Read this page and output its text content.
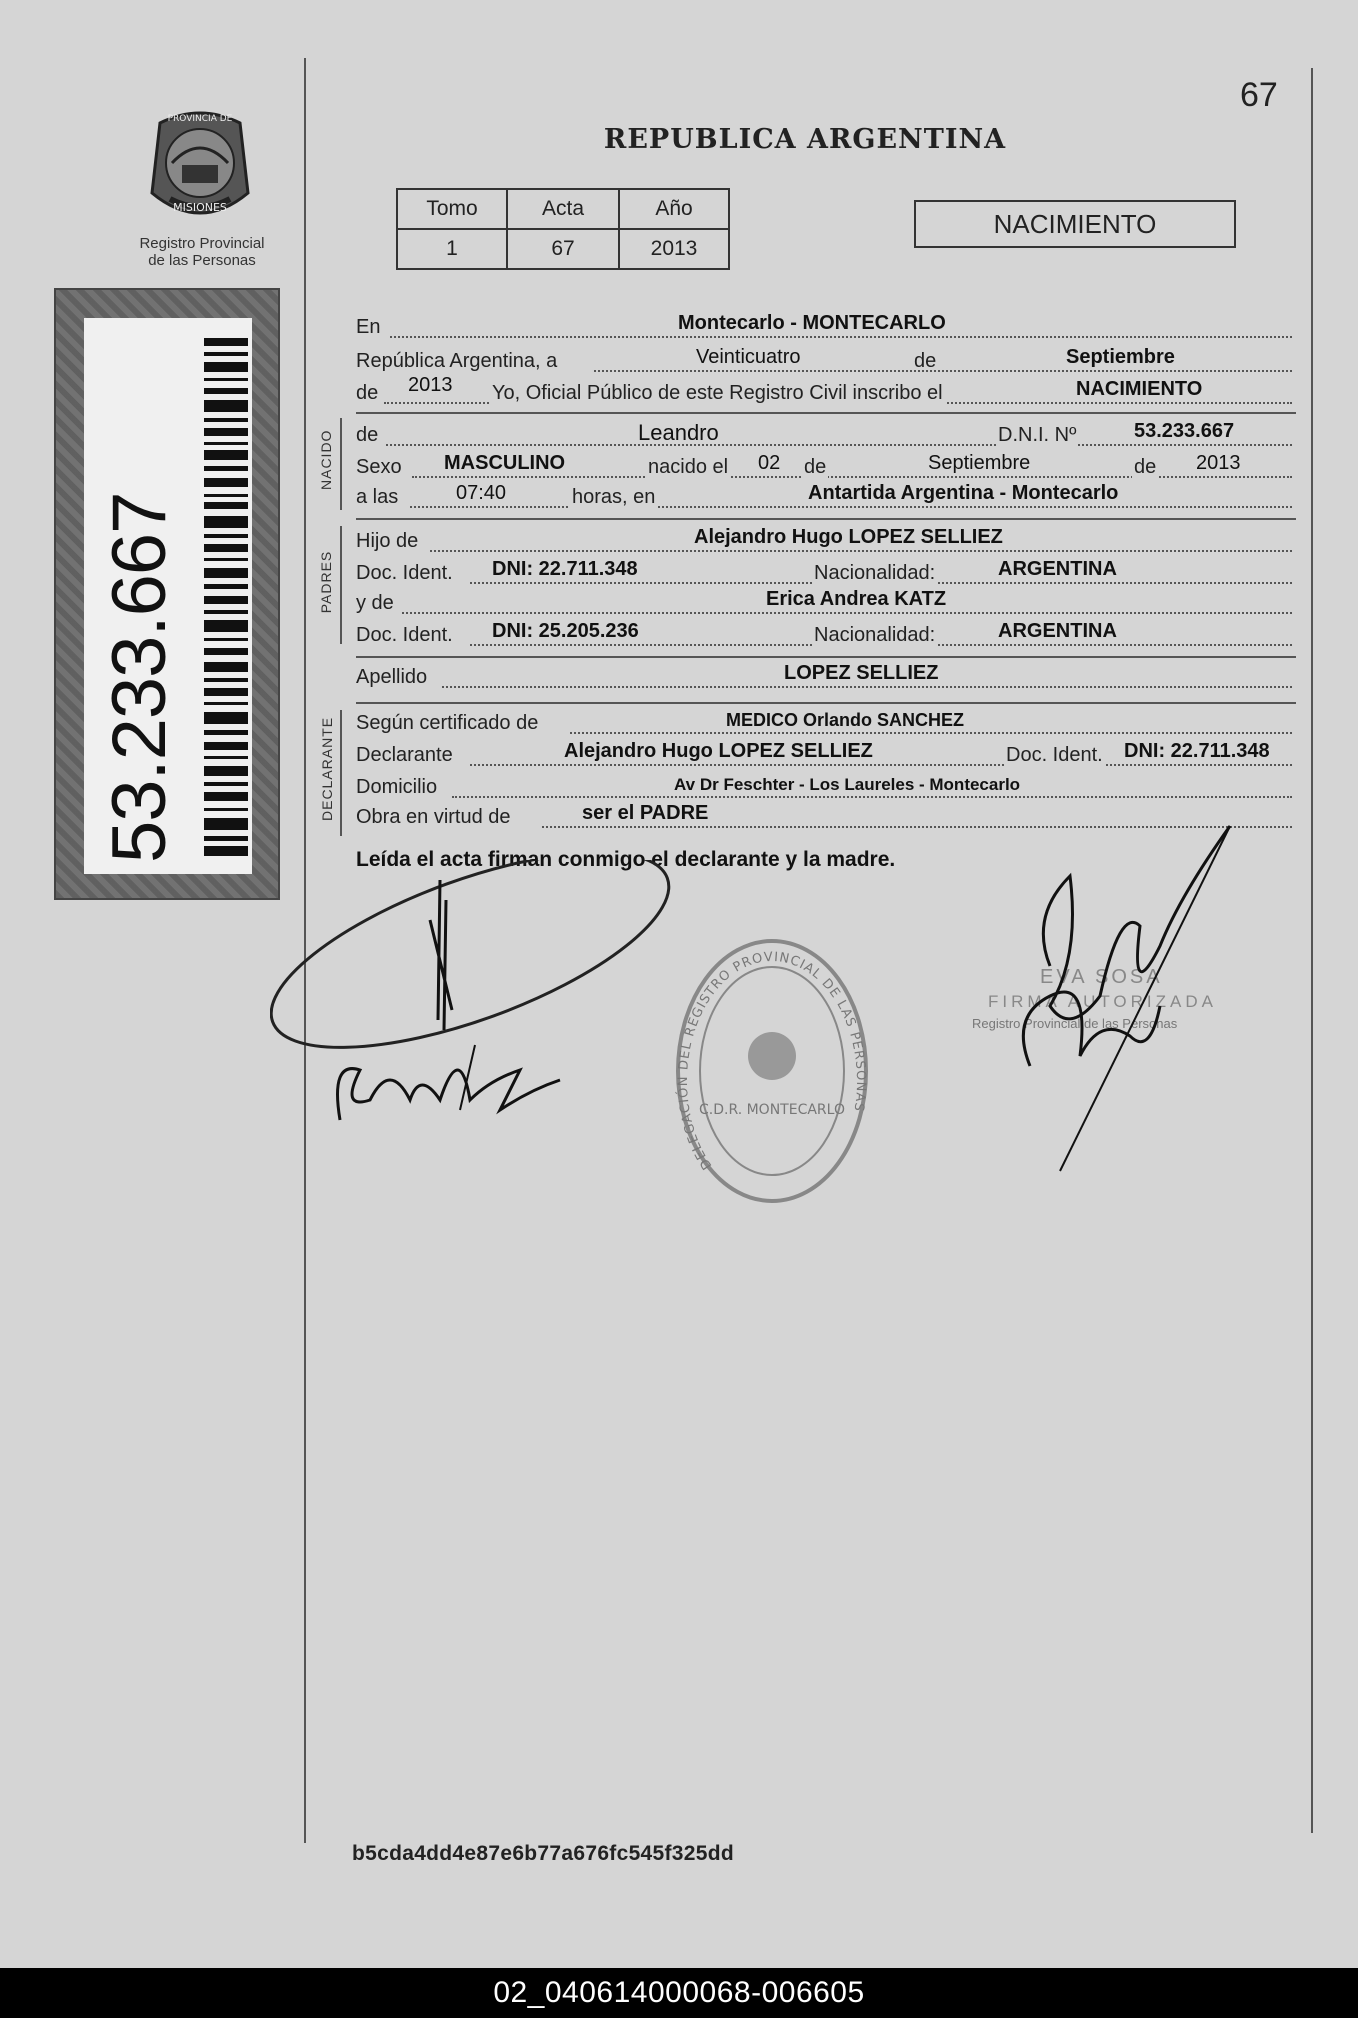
PROVINCIA DE
MISIONES
Registro Provincial
de las Personas
53.233.667
67
REPUBLICA ARGENTINA
Tomo	Acta	Año
1	67	2013
NACIMIENTO
En	Montecarlo - MONTECARLO
República Argentina, a	Veinticuatro	de	Septiembre
de 2013 Yo, Oficial Público de este Registro Civil inscribo el	NACIMIENTO
NACIDO de	Leandro	D.N.I. Nº	53.233.667
Sexo MASCULINO	nacido el 02 de	Septiembre	de 2013
a las	07:40	horas, en	Antartida Argentina - Montecarlo
PADRES
Hijo de	Alejandro Hugo LOPEZ SELLIEZ
Doc. Ident. DNI: 22.711.348	Nacionalidad:	ARGENTINA
y de	Erica Andrea KATZ
Doc. Ident. DNI: 25.205.236	Nacionalidad:	ARGENTINA
Apellido	LOPEZ SELLIEZ
DECLARANTE Según certificado de	MEDICO Orlando SANCHEZ
Declarante	Alejandro Hugo LOPEZ SELLIEZ	Doc. Ident. DNI: 22.711.348
Domicilio	Av Dr Feschter - Los Laureles - Montecarlo
Obra en virtud de	ser el PADRE
Leída el acta firman conmigo el declarante y la madre.
DELEGACIÓN DEL REGISTRO PROVINCIAL DE LAS PERSONAS
C.D.R. MONTECARLO
EVA SOSA
FIRMA AUTORIZADA
Registro Provincial de las Personas
b5cda4dd4e87e6b77a676fc545f325dd
02_040614000068-006605
